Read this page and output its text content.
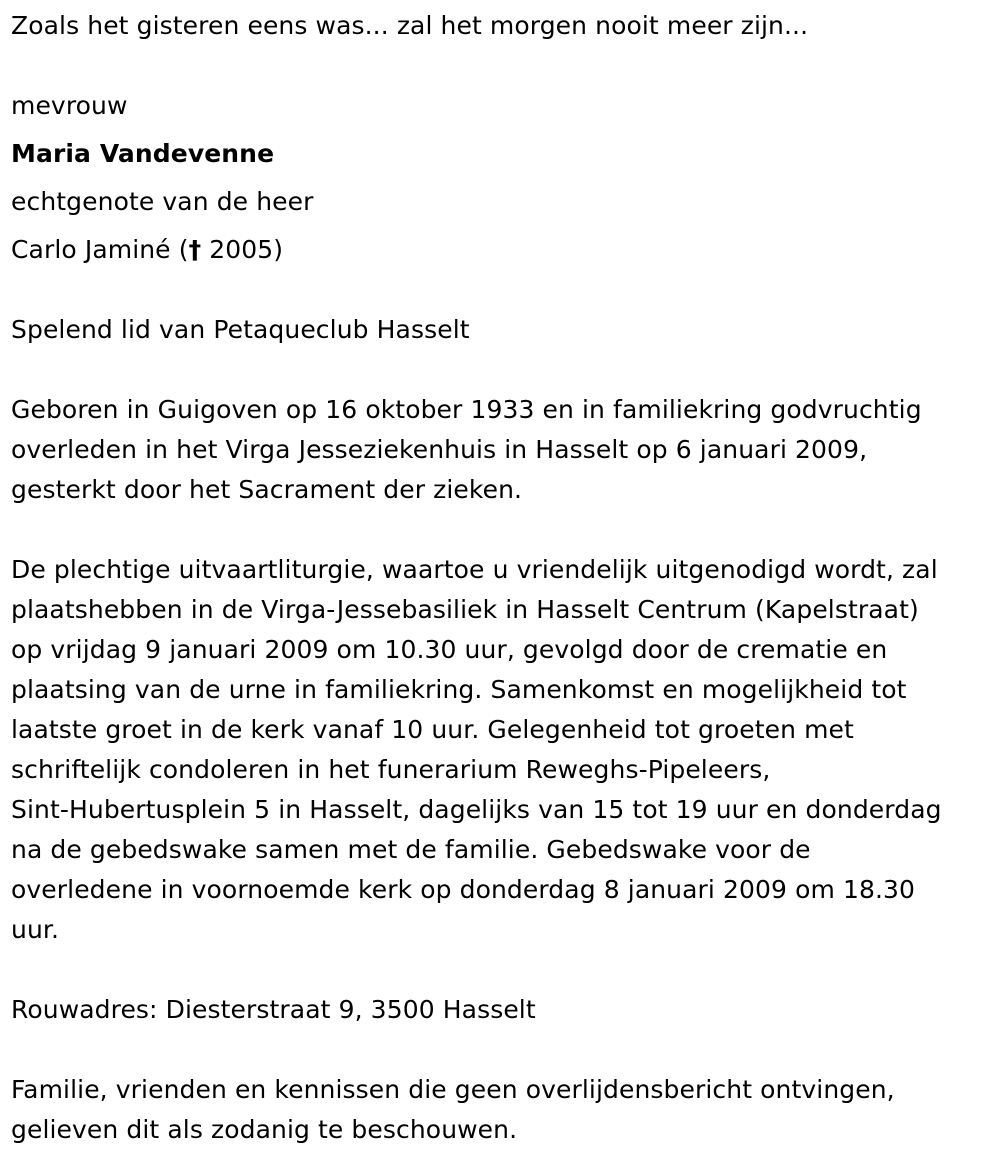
Zoals het gisteren eens was... zal het morgen nooit meer zijn...
mevrouw
Maria Vandevenne
echtgenote van de heer
Carlo Jaminé († 2005)
Spelend lid van Petaqueclub Hasselt
Geboren in Guigoven op 16 oktober 1933 en in familiekring godvruchtig
overleden in het Virga Jesseziekenhuis in Hasselt op 6 januari 2009,
gesterkt door het Sacrament der zieken.
De plechtige uitvaartliturgie, waartoe u vriendelijk uitgenodigd wordt, zal
plaatshebben in de Virga-Jessebasiliek in Hasselt Centrum (Kapelstraat)
op vrijdag 9 januari 2009 om 10.30 uur, gevolgd door de crematie en
plaatsing van de urne in familiekring. Samenkomst en mogelijkheid tot
laatste groet in de kerk vanaf 10 uur. Gelegenheid tot groeten met
schriftelijk condoleren in het funerarium Reweghs-Pipeleers,
Sint-Hubertusplein 5 in Hasselt, dagelijks van 15 tot 19 uur en donderdag
na de gebedswake samen met de familie. Gebedswake voor de
overledene in voornoemde kerk op donderdag 8 januari 2009 om 18.30
uur.
Rouwadres: Diesterstraat 9, 3500 Hasselt
Familie, vrienden en kennissen die geen overlijdensbericht ontvingen,
gelieven dit als zodanig te beschouwen.
